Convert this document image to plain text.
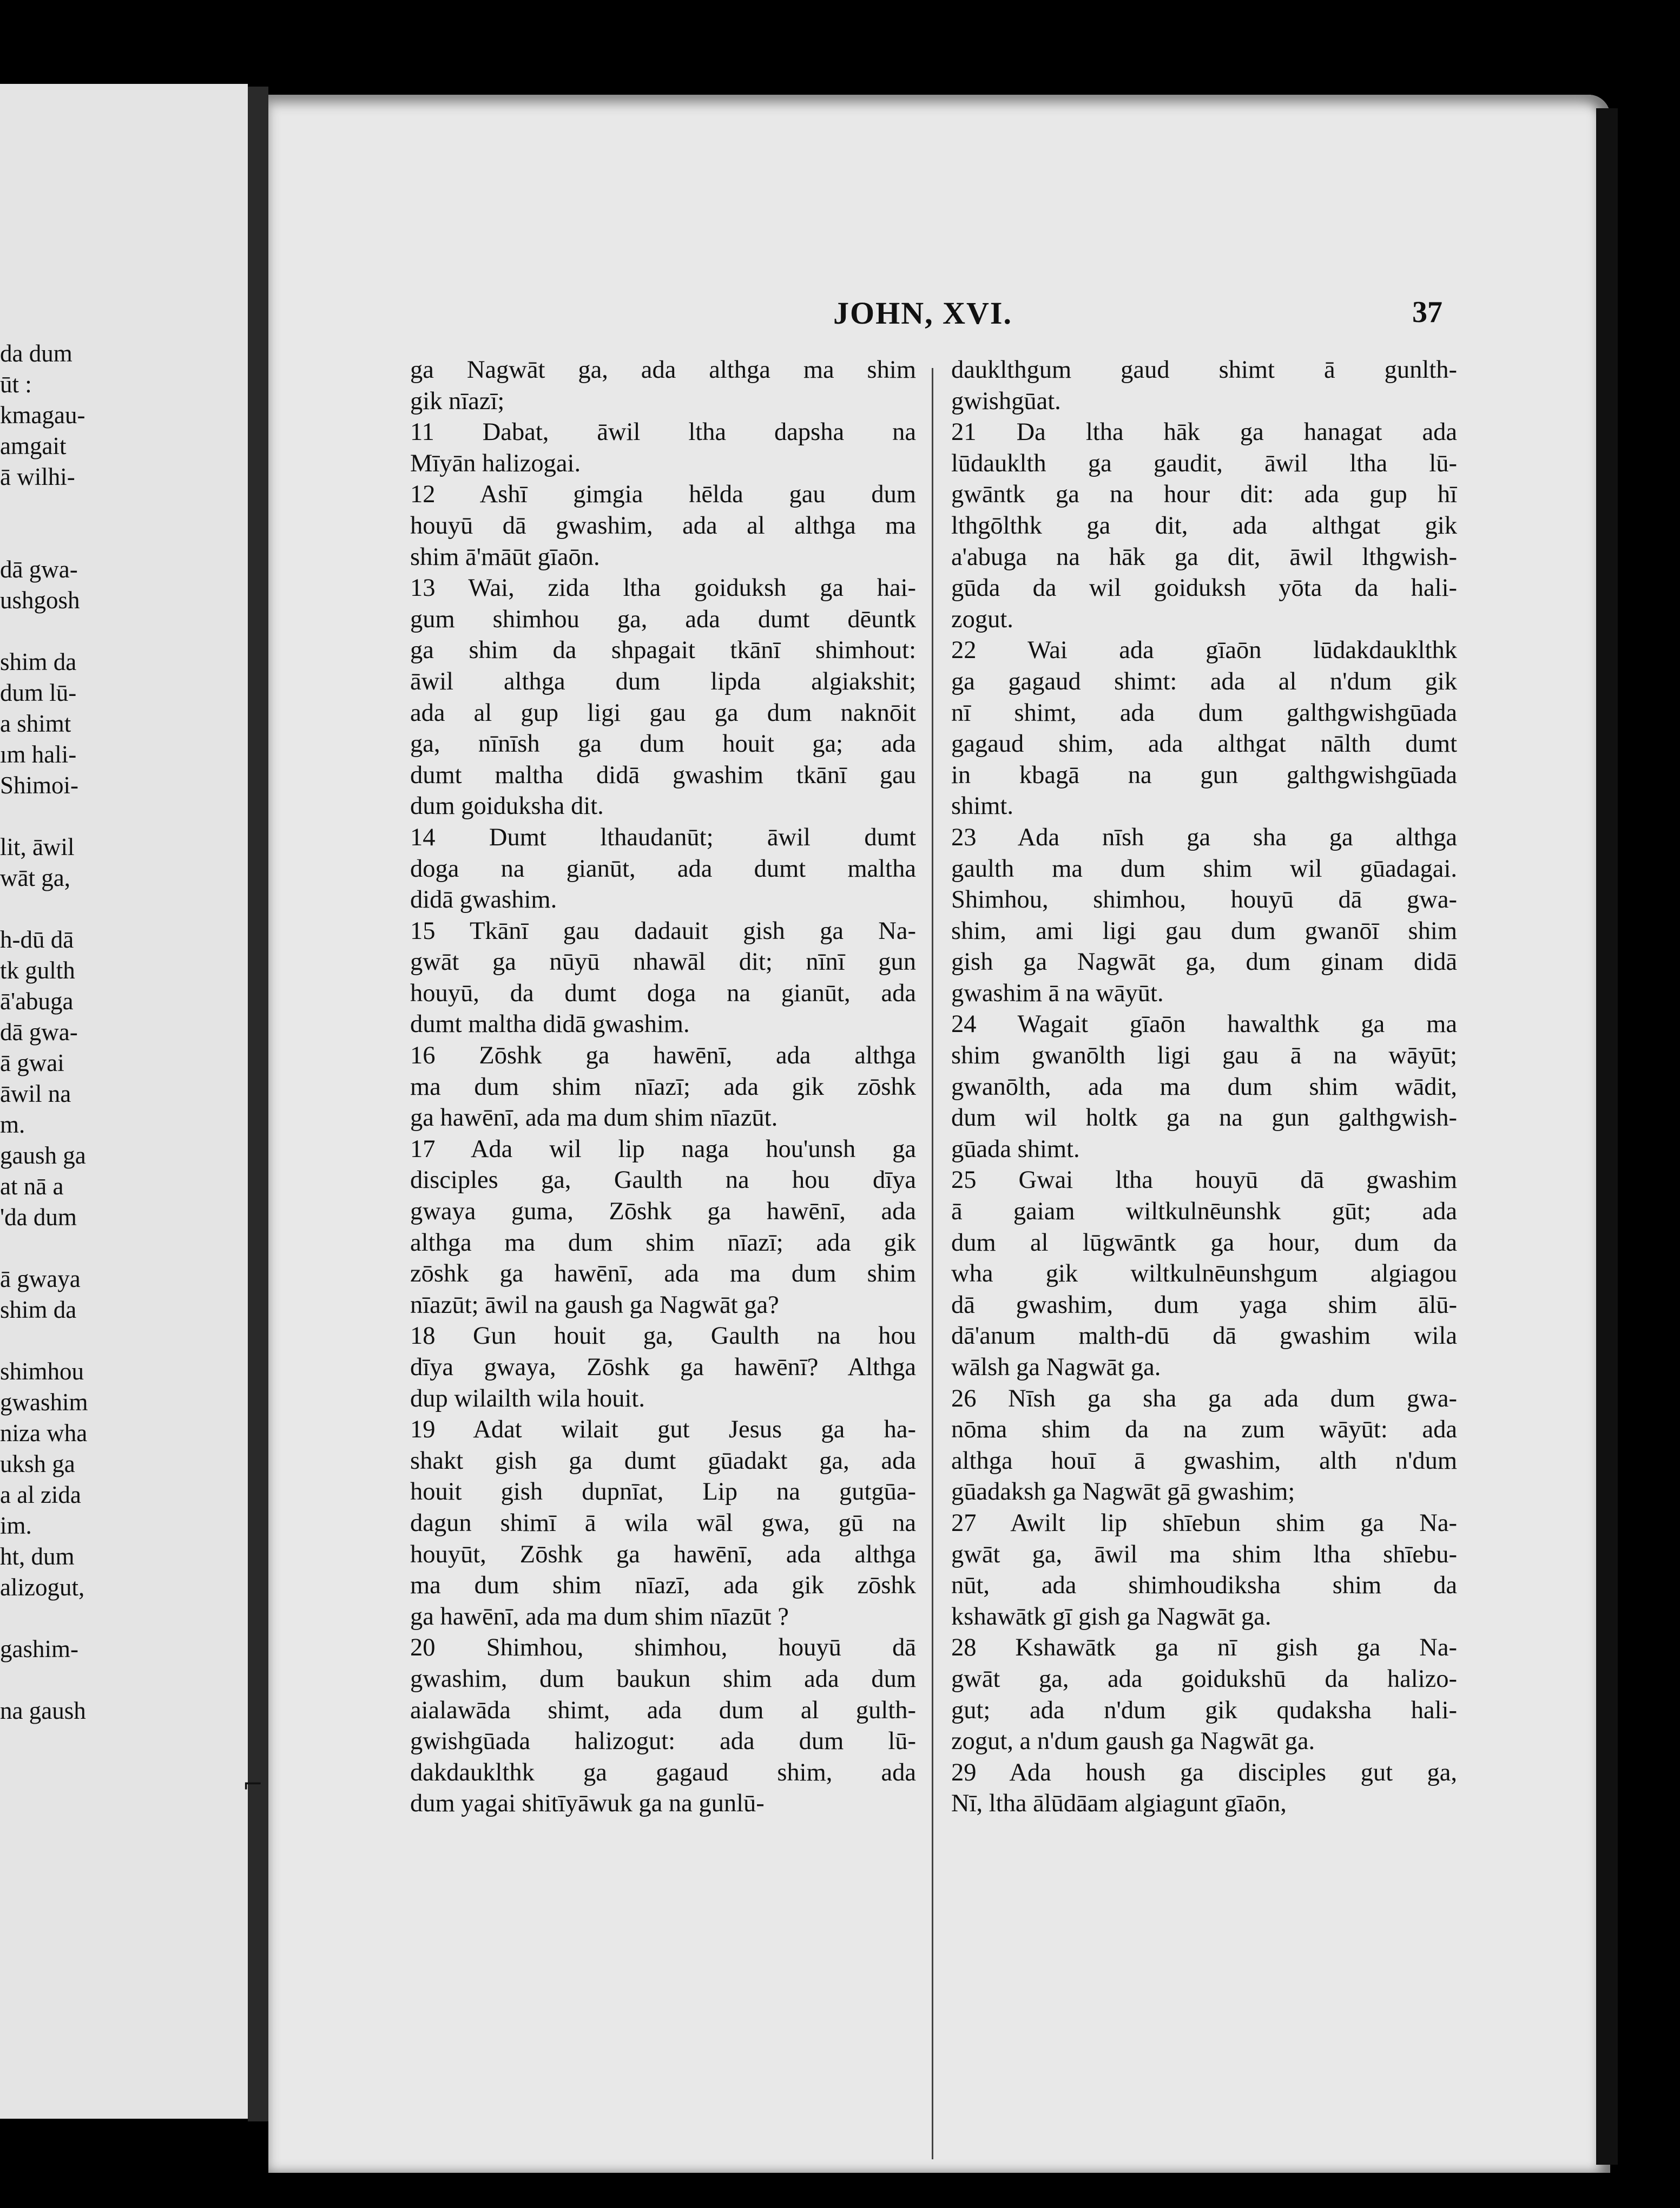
da dum
ūt :
kmagau-
amgait
ā wilhi-
dā gwa-
ushgosh
shim da
dum lū-
a shimt
ım hali-
Shimoi-
lit, āwil
wāt ga,
h-dū dā
tk gulth
ā'abuga
dā gwa-
ā gwai
āwil na
m.
gaush ga
at nā a
'da dum
ā gwaya
shim da
shimhou
gwashim
niza wha
uksh ga
a al zida
im.
ht, dum
alizogut,
gashim-
na gaush
⌐
JOHN, XVI.	37
ga Nagwāt ga, ada althga ma shim
gik nīazī;
11 Dabat, āwil ltha dapsha na
Mīyān halizogai.
12 Ashī gimgia hēlda gau dum
houyū dā gwashim, ada al althga ma
shim ā'māūt gīaōn.
13 Wai, zida ltha goiduksh ga hai-
gum shimhou ga, ada dumt dēuntk
ga shim da shpagait tkānī shimhout:
āwil althga dum lipda algiakshit;
ada al gup ligi gau ga dum naknōit
ga, nīnīsh ga dum houit ga; ada
dumt maltha didā gwashim tkānī gau
dum goiduksha dit.
14 Dumt lthaudanūt; āwil dumt
doga na gianūt, ada dumt maltha
didā gwashim.
15 Tkānī gau dadauit gish ga Na-
gwāt ga nūyū nhawāl dit; nīnī gun
houyū, da dumt doga na gianūt, ada
dumt maltha didā gwashim.
16 Zōshk ga hawēnī, ada althga
ma dum shim nīazī; ada gik zōshk
ga hawēnī, ada ma dum shim nīazūt.
17 Ada wil lip naga hou'unsh ga
disciples ga, Gaulth na hou dīya
gwaya guma, Zōshk ga hawēnī, ada
althga ma dum shim nīazī; ada gik
zōshk ga hawēnī, ada ma dum shim
nīazūt; āwil na gaush ga Nagwāt ga?
18 Gun houit ga, Gaulth na hou
dīya gwaya, Zōshk ga hawēnī? Althga
dup wilailth wila houit.
19 Adat wilait gut Jesus ga ha-
shakt gish ga dumt gūadakt ga, ada
houit gish dupnīat, Lip na gutgūa-
dagun shimī ā wila wāl gwa, gū na
houyūt, Zōshk ga hawēnī, ada althga
ma dum shim nīazī, ada gik zōshk
ga hawēnī, ada ma dum shim nīazūt ?
20 Shimhou, shimhou, houyū dā
gwashim, dum baukun shim ada dum
aialawāda shimt, ada dum al gulth-
gwishgūada halizogut: ada dum lū-
dakdauklthk ga gagaud shim, ada
dum yagai shitīyāwuk ga na gunlū-
dauklthgum gaud shimt ā gunlth-
gwishgūat.
21 Da ltha hāk ga hanagat ada
lūdauklth ga gaudit, āwil ltha lū-
gwāntk ga na hour dit: ada gup hī
lthgōlthk ga dit, ada althgat gik
a'abuga na hāk ga dit, āwil lthgwish-
gūda da wil goiduksh yōta da hali-
zogut.
22 Wai ada gīaōn lūdakdauklthk
ga gagaud shimt: ada al n'dum gik
nī shimt, ada dum galthgwishgūada
gagaud shim, ada althgat nālth dumt
in kbagā na gun galthgwishgūada
shimt.
23 Ada nīsh ga sha ga althga
gaulth ma dum shim wil gūadagai.
Shimhou, shimhou, houyū dā gwa-
shim, ami ligi gau dum gwanōī shim
gish ga Nagwāt ga, dum ginam didā
gwashim ā na wāyūt.
24 Wagait gīaōn hawalthk ga ma
shim gwanōlth ligi gau ā na wāyūt;
gwanōlth, ada ma dum shim wādit,
dum wil holtk ga na gun galthgwish-
gūada shimt.
25 Gwai ltha houyū dā gwashim
ā gaiam wiltkulnēunshk gūt; ada
dum al lūgwāntk ga hour, dum da
wha gik wiltkulnēunshgum algiagou
dā gwashim, dum yaga shim ālū-
dā'anum malth-dū dā gwashim wila
wālsh ga Nagwāt ga.
26 Nīsh ga sha ga ada dum gwa-
nōma shim da na zum wāyūt: ada
althga houī ā gwashim, alth n'dum
gūadaksh ga Nagwāt gā gwashim;
27 Awilt lip shīebun shim ga Na-
gwāt ga, āwil ma shim ltha shīebu-
nūt, ada shimhoudiksha shim da
kshawātk gī gish ga Nagwāt ga.
28 Kshawātk ga nī gish ga Na-
gwāt ga, ada goidukshū da halizo-
gut; ada n'dum gik qudaksha hali-
zogut, a n'dum gaush ga Nagwāt ga.
29 Ada housh ga disciples gut ga,
Nī, ltha ālūdāam algiagunt gīaōn,
